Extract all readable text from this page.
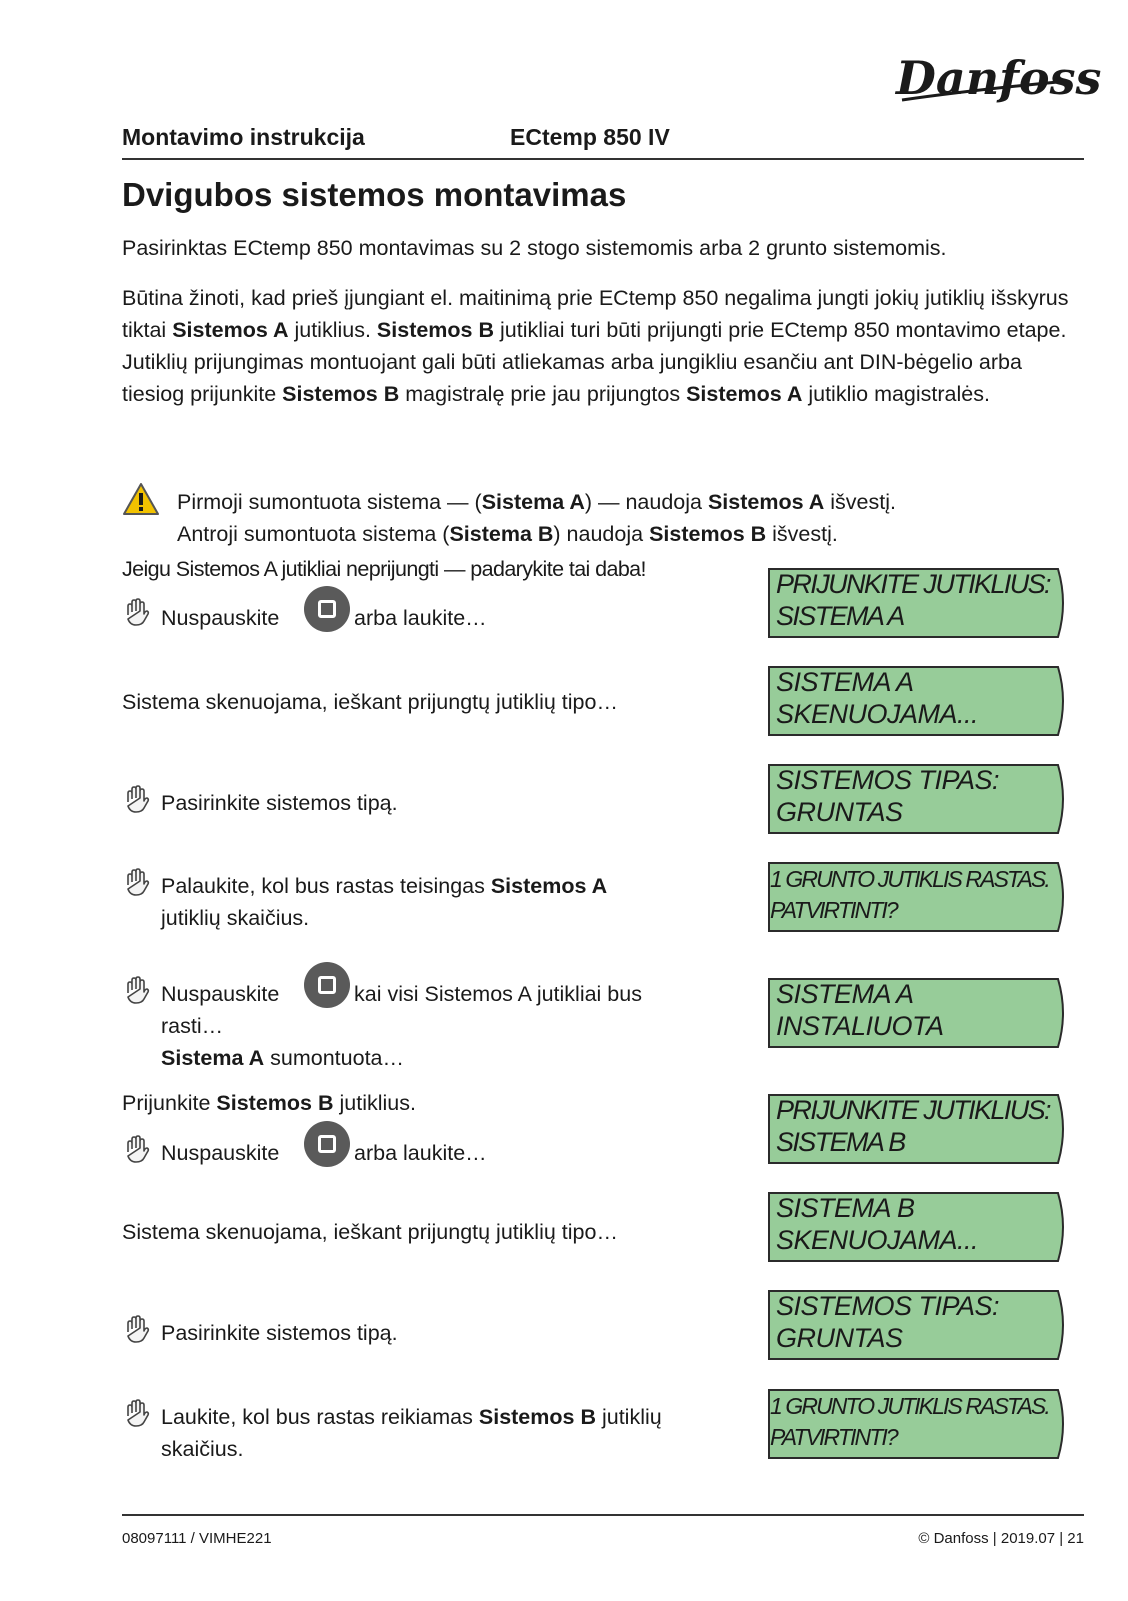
Danfoss
Montavimo instrukcija	ECtemp 850 IV
Dvigubos sistemos montavimas
Pasirinktas ECtemp 850 montavimas su 2 stogo sistemomis arba 2 grunto sistemomis.
Būtina žinoti, kad prieš įjungiant el. maitinimą prie ECtemp 850 negalima jungti jokių jutiklių išskyrus tiktai Sistemos A jutiklius. Sistemos B jutikliai turi būti prijungti prie ECtemp 850 montavimo etape. Jutiklių prijungimas montuojant gali būti atliekamas arba jungikliu esančiu ant DIN-bėgelio arba tiesiog prijunkite Sistemos B magistralę prie jau prijungtos Sistemos A jutiklio magistralės.
Pirmoji sumontuota sistema — (Sistema A) — naudoja Sistemos A išvestį.
Antroji sumontuota sistema (Sistema B) naudoja Sistemos B išvestį.
Jeigu Sistemos A jutikliai neprijungti — padarykite tai daba!
Nuspauskite	arba laukite…
Sistema skenuojama, ieškant prijungtų jutiklių tipo…
Pasirinkite sistemos tipą.
Palaukite, kol bus rastas teisingas Sistemos A
jutiklių skaičius.
Nuspauskite	kai visi Sistemos A jutikliai bus
rasti…
Sistema A sumontuota…
Prijunkite Sistemos B jutiklius.
Nuspauskite	arba laukite…
Sistema skenuojama, ieškant prijungtų jutiklių tipo…
Pasirinkite sistemos tipą.
Laukite, kol bus rastas reikiamas Sistemos B jutiklių
skaičius.
PRIJUNKITE JUTIKLIUS:
SISTEMA A
SISTEMA A
SKENUOJAMA...
SISTEMOS TIPAS:
GRUNTAS
1 GRUNTO JUTIKLIS RASTAS.
PATVIRTINTI?
SISTEMA A
INSTALIUOTA
PRIJUNKITE JUTIKLIUS:
SISTEMA B
SISTEMA B
SKENUOJAMA...
SISTEMOS TIPAS:
GRUNTAS
1 GRUNTO JUTIKLIS RASTAS.
PATVIRTINTI?
08097111 / VIMHE221	© Danfoss | 2019.07 | 21
